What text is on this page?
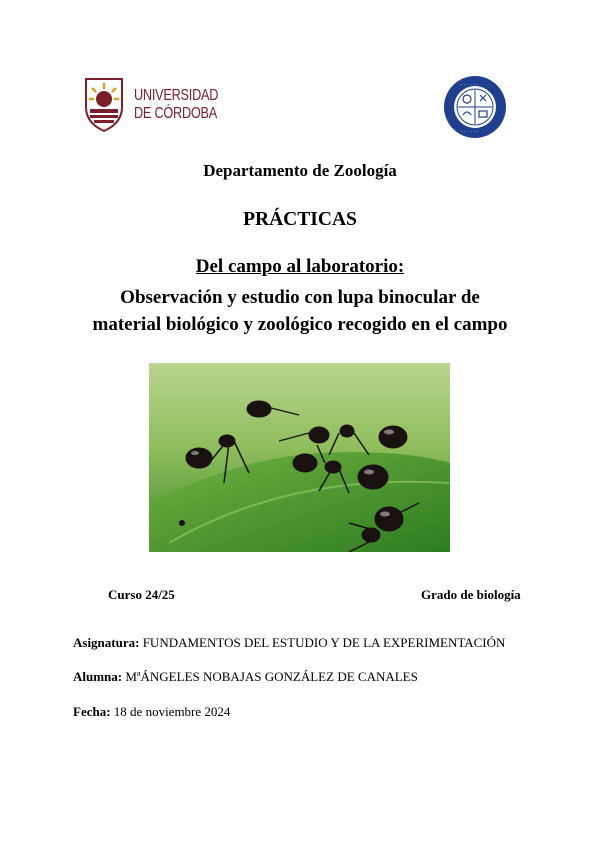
UNIVERSIDAD
DE CÓRDOBA
· · · · · ·
· · · · · ·
Departamento de Zoología
PRÁCTICAS
Del campo al laboratorio:
Observación y estudio con lupa binocular de
material biológico y zoológico recogido en el campo
Curso 24/25	Grado de biología
Asignatura: FUNDAMENTOS DEL ESTUDIO Y DE LA EXPERIMENTACIÓN
Alumna: MªÁNGELES NOBAJAS GONZÁLEZ DE CANALES
Fecha: 18 de noviembre 2024
